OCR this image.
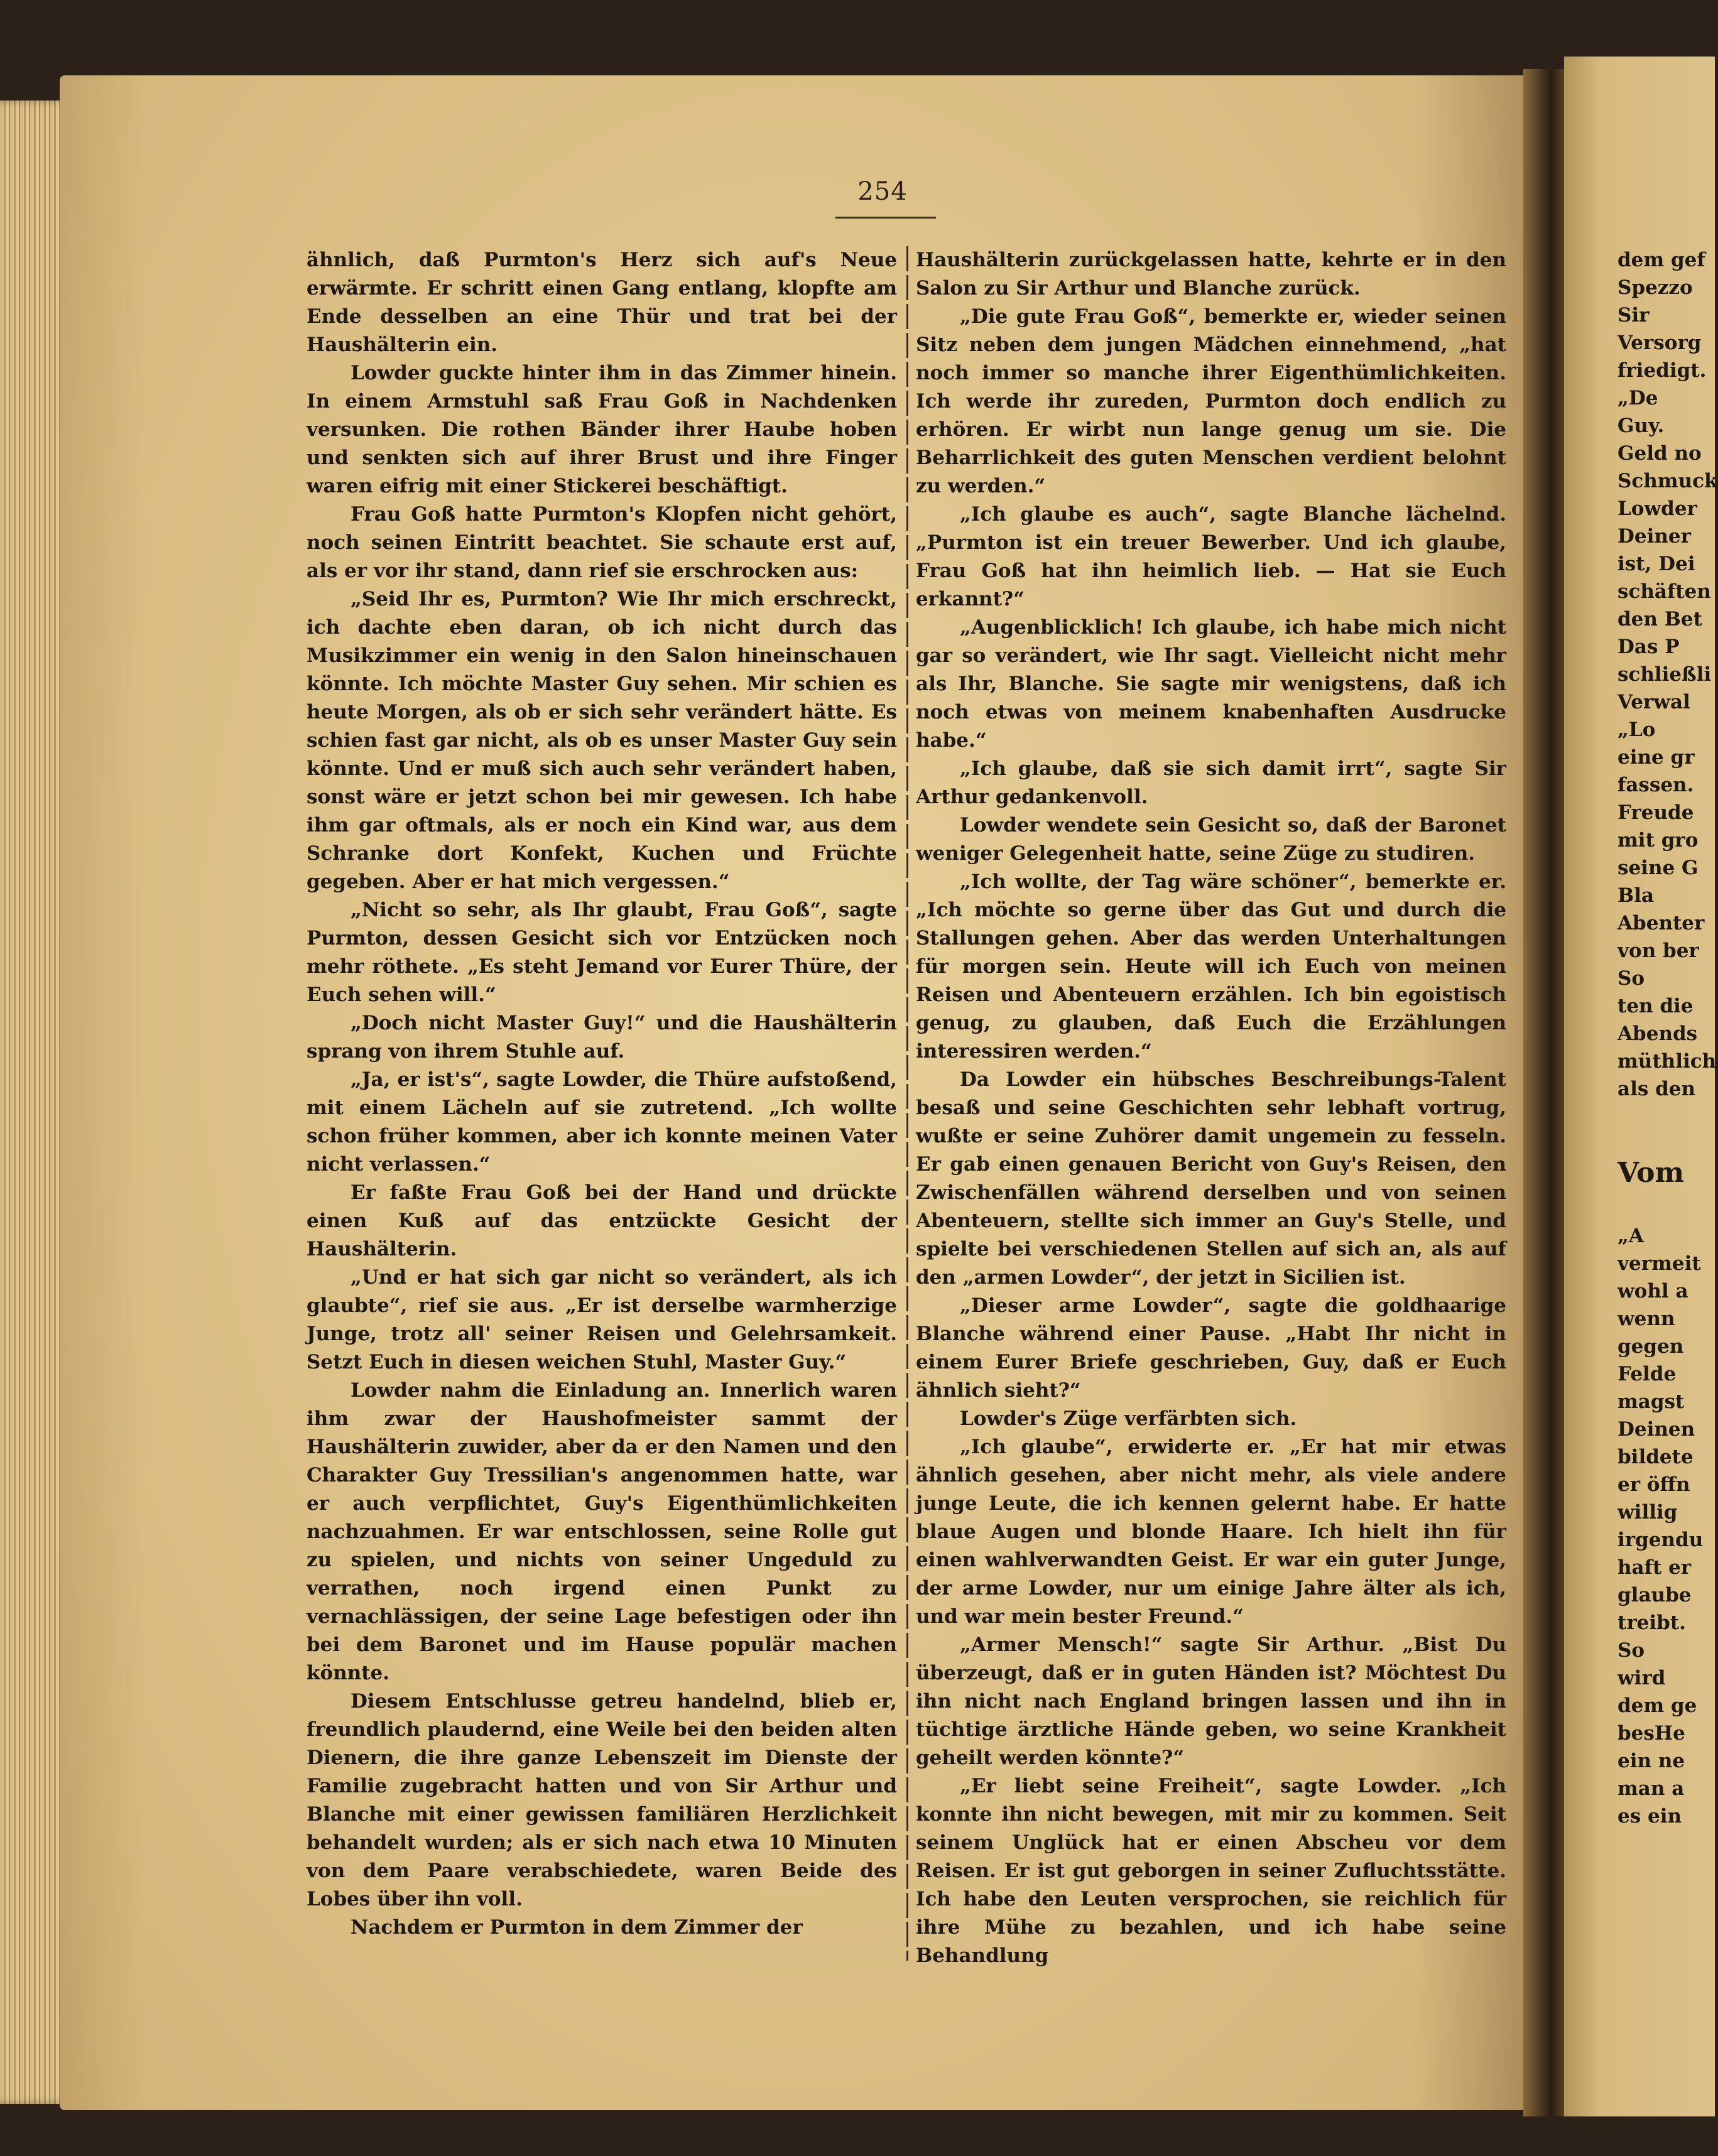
254

ähnlich, daß Purmton's Herz sich auf's Neue erwärmte. Er schritt einen Gang entlang, klopfte am Ende desselben an eine Thür und trat bei der Haushälterin ein.

Lowder guckte hinter ihm in das Zimmer hinein. In einem Armstuhl saß Frau Goß in Nachdenken versunken. Die rothen Bänder ihrer Haube hoben und senkten sich auf ihrer Brust und ihre Finger waren eifrig mit einer Stickerei beschäftigt.

Frau Goß hatte Purmton's Klopfen nicht gehört, noch seinen Eintritt beachtet. Sie schaute erst auf, als er vor ihr stand, dann rief sie erschrocken aus:

„Seid Ihr es, Purmton? Wie Ihr mich erschreckt, ich dachte eben daran, ob ich nicht durch das Musikzimmer ein wenig in den Salon hineinschauen könnte. Ich möchte Master Guy sehen. Mir schien es heute Morgen, als ob er sich sehr verändert hätte. Es schien fast gar nicht, als ob es unser Master Guy sein könnte. Und er muß sich auch sehr verändert haben, sonst wäre er jetzt schon bei mir gewesen. Ich habe ihm gar oftmals, als er noch ein Kind war, aus dem Schranke dort Konfekt, Kuchen und Früchte gegeben. Aber er hat mich vergessen.“

„Nicht so sehr, als Ihr glaubt, Frau Goß“, sagte Purmton, dessen Gesicht sich vor Entzücken noch mehr röthete. „Es steht Jemand vor Eurer Thüre, der Euch sehen will.“

„Doch nicht Master Guy!“ und die Haushälterin sprang von ihrem Stuhle auf.

„Ja, er ist's“, sagte Lowder, die Thüre aufstoßend, mit einem Lächeln auf sie zutretend. „Ich wollte schon früher kommen, aber ich konnte meinen Vater nicht verlassen.“

Er faßte Frau Goß bei der Hand und drückte einen Kuß auf das entzückte Gesicht der Haushälterin.

„Und er hat sich gar nicht so verändert, als ich glaubte“, rief sie aus. „Er ist derselbe warmherzige Junge, trotz all' seiner Reisen und Gelehrsamkeit. Setzt Euch in diesen weichen Stuhl, Master Guy.“

Lowder nahm die Einladung an. Innerlich waren ihm zwar der Haushofmeister sammt der Haushälterin zuwider, aber da er den Namen und den Charakter Guy Tressilian's angenommen hatte, war er auch verpflichtet, Guy's Eigenthümlichkeiten nachzuahmen. Er war entschlossen, seine Rolle gut zu spielen, und nichts von seiner Ungeduld zu verrathen, noch irgend einen Punkt zu vernachlässigen, der seine Lage befestigen oder ihn bei dem Baronet und im Hause populär machen könnte.

Diesem Entschlusse getreu handelnd, blieb er, freundlich plaudernd, eine Weile bei den beiden alten Dienern, die ihre ganze Lebenszeit im Dienste der Familie zugebracht hatten und von Sir Arthur und Blanche mit einer gewissen familiären Herzlichkeit behandelt wurden; als er sich nach etwa 10 Minuten von dem Paare verabschiedete, waren Beide des Lobes über ihn voll.

Nachdem er Purmton in dem Zimmer der

Haushälterin zurückgelassen hatte, kehrte er in den Salon zu Sir Arthur und Blanche zurück.

„Die gute Frau Goß“, bemerkte er, wieder seinen Sitz neben dem jungen Mädchen einnehmend, „hat noch immer so manche ihrer Eigenthümlichkeiten. Ich werde ihr zureden, Purmton doch endlich zu erhören. Er wirbt nun lange genug um sie. Die Beharrlichkeit des guten Menschen verdient belohnt zu werden.“

„Ich glaube es auch“, sagte Blanche lächelnd. „Purmton ist ein treuer Bewerber. Und ich glaube, Frau Goß hat ihn heimlich lieb. — Hat sie Euch erkannt?“

„Augenblicklich! Ich glaube, ich habe mich nicht gar so verändert, wie Ihr sagt. Vielleicht nicht mehr als Ihr, Blanche. Sie sagte mir wenigstens, daß ich noch etwas von meinem knabenhaften Ausdrucke habe.“

„Ich glaube, daß sie sich damit irrt“, sagte Sir Arthur gedankenvoll.

Lowder wendete sein Gesicht so, daß der Baronet weniger Gelegenheit hatte, seine Züge zu studiren.

„Ich wollte, der Tag wäre schöner“, bemerkte er. „Ich möchte so gerne über das Gut und durch die Stallungen gehen. Aber das werden Unterhaltungen für morgen sein. Heute will ich Euch von meinen Reisen und Abenteuern erzählen. Ich bin egoistisch genug, zu glauben, daß Euch die Erzählungen interessiren werden.“

Da Lowder ein hübsches Beschreibungs-Talent besaß und seine Geschichten sehr lebhaft vortrug, wußte er seine Zuhörer damit ungemein zu fesseln. Er gab einen genauen Bericht von Guy's Reisen, den Zwischenfällen während derselben und von seinen Abenteuern, stellte sich immer an Guy's Stelle, und spielte bei verschiedenen Stellen auf sich an, als auf den „armen Lowder“, der jetzt in Sicilien ist.

„Dieser arme Lowder“, sagte die goldhaarige Blanche während einer Pause. „Habt Ihr nicht in einem Eurer Briefe geschrieben, Guy, daß er Euch ähnlich sieht?“

Lowder's Züge verfärbten sich.

„Ich glaube“, erwiderte er. „Er hat mir etwas ähnlich gesehen, aber nicht mehr, als viele andere junge Leute, die ich kennen gelernt habe. Er hatte blaue Augen und blonde Haare. Ich hielt ihn für einen wahlverwandten Geist. Er war ein guter Junge, der arme Lowder, nur um einige Jahre älter als ich, und war mein bester Freund.“

„Armer Mensch!“ sagte Sir Arthur. „Bist Du überzeugt, daß er in guten Händen ist? Möchtest Du ihn nicht nach England bringen lassen und ihn in tüchtige ärztliche Hände geben, wo seine Krankheit geheilt werden könnte?“

„Er liebt seine Freiheit“, sagte Lowder. „Ich konnte ihn nicht bewegen, mit mir zu kommen. Seit seinem Unglück hat er einen Abscheu vor dem Reisen. Er ist gut geborgen in seiner Zufluchtsstätte. Ich habe den Leuten versprochen, sie reichlich für ihre Mühe zu bezahlen, und ich habe seine Behandlung

dem gef
Spezzo
Sir
Versorg
friedigt.
„De
Guy.
Geld no
Schmuck
Lowder
Deiner
ist, Dei
schäften
den Bet
Das P
schließli
Verwal
„Lo
eine gr
fassen.
Freude
mit gro
seine G
Bla
Abenter
von ber
So
ten die
Abends
müthlich
als den
Vom
„A
vermeit
wohl a
wenn
gegen
Felde
magst
Deinen
bildete
er öffn
willig
irgendu
haft er
glaube
treibt.
So
wird
dem ge
besHe
ein ne
man a
es ein
